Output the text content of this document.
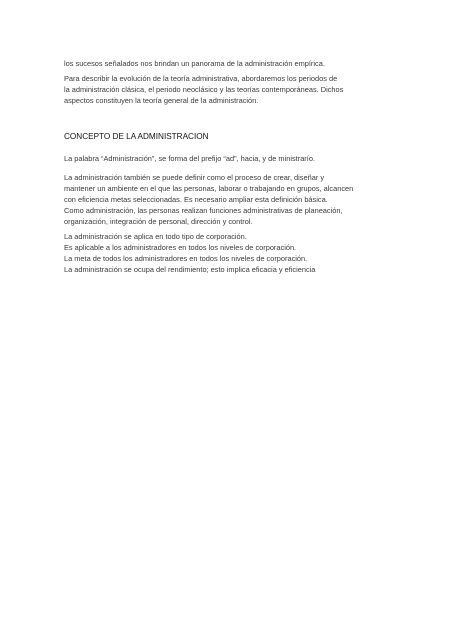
los sucesos señalados nos brindan un panorama de la administración empírica.

Para describir la evolución de la teoría administrativa, abordaremos los periodos de
la administración clásica, el periodo neoclásico y las teorías contemporáneas. Dichos
aspectos constituyen la teoría general de la administración.

CONCEPTO DE LA ADMINISTRACION

La palabra “Administración”, se forma del prefijo “ad”, hacia, y de ministrarío.

La administración también se puede definir como el proceso de crear, diseñar y
mantener un ambiente en el que las personas, laborar o trabajando en grupos, alcancen
con eficiencia metas seleccionadas. Es necesario ampliar esta definición básica.
Como administración, las personas realizan funciones administrativas de planeación,
organización, integración de personal, dirección y control.

La administración se aplica en todo tipo de corporación.
Es aplicable a los administradores en todos los niveles de corporación.
La meta de todos los administradores en todos los niveles de corporación.
La administración se ocupa del rendimiento; esto implica eficacia y eficiencia
